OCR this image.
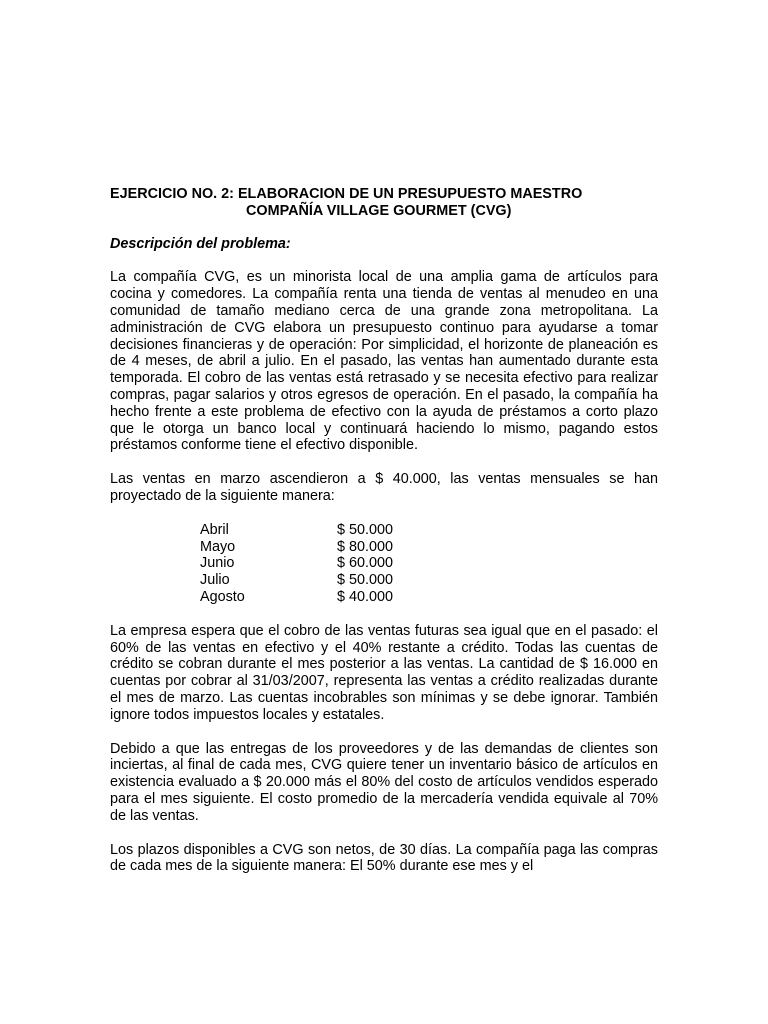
EJERCICIO NO. 2: ELABORACION DE UN PRESUPUESTO MAESTRO
COMPAÑÍA VILLAGE GOURMET (CVG)

Descripción del problema:

La compañía CVG, es un minorista local de una amplia gama de artículos para cocina y comedores. La compañía renta una tienda de ventas al menudeo en una comunidad de tamaño mediano cerca de una grande zona metropolitana. La administración de CVG elabora un presupuesto continuo para ayudarse a tomar decisiones financieras y de operación: Por simplicidad, el horizonte de planeación es de 4 meses, de abril a julio. En el pasado, las ventas han aumentado durante esta temporada. El cobro de las ventas está retrasado y se necesita efectivo para realizar compras, pagar salarios y otros egresos de operación. En el pasado, la compañía ha hecho frente a este problema de efectivo con la ayuda de préstamos a corto plazo que le otorga un banco local y continuará haciendo lo mismo, pagando estos préstamos conforme tiene el efectivo disponible.

Las ventas en marzo ascendieron a $ 40.000, las ventas mensuales se han proyectado de la siguiente manera:

Abril	$ 50.000
Mayo	$ 80.000
Junio	$ 60.000
Julio	$ 50.000
Agosto	$ 40.000

La empresa espera que el cobro de las ventas futuras sea igual que en el pasado: el 60% de las ventas en efectivo y el 40% restante a crédito. Todas las cuentas de crédito se cobran durante el mes posterior a las ventas. La cantidad de $ 16.000 en cuentas por cobrar al 31/03/2007, representa las ventas a crédito realizadas durante el mes de marzo. Las cuentas incobrables son mínimas y se debe ignorar. También ignore todos impuestos locales y estatales.

Debido a que las entregas de los proveedores y de las demandas de clientes son inciertas, al final de cada mes, CVG quiere tener un inventario básico de artículos en existencia evaluado a $ 20.000 más el 80% del costo de artículos vendidos esperado para el mes siguiente. El costo promedio de la mercadería vendida equivale al 70% de las ventas.

Los plazos disponibles a CVG son netos, de 30 días. La compañía paga las compras de cada mes de la siguiente manera: El 50% durante ese mes y el
